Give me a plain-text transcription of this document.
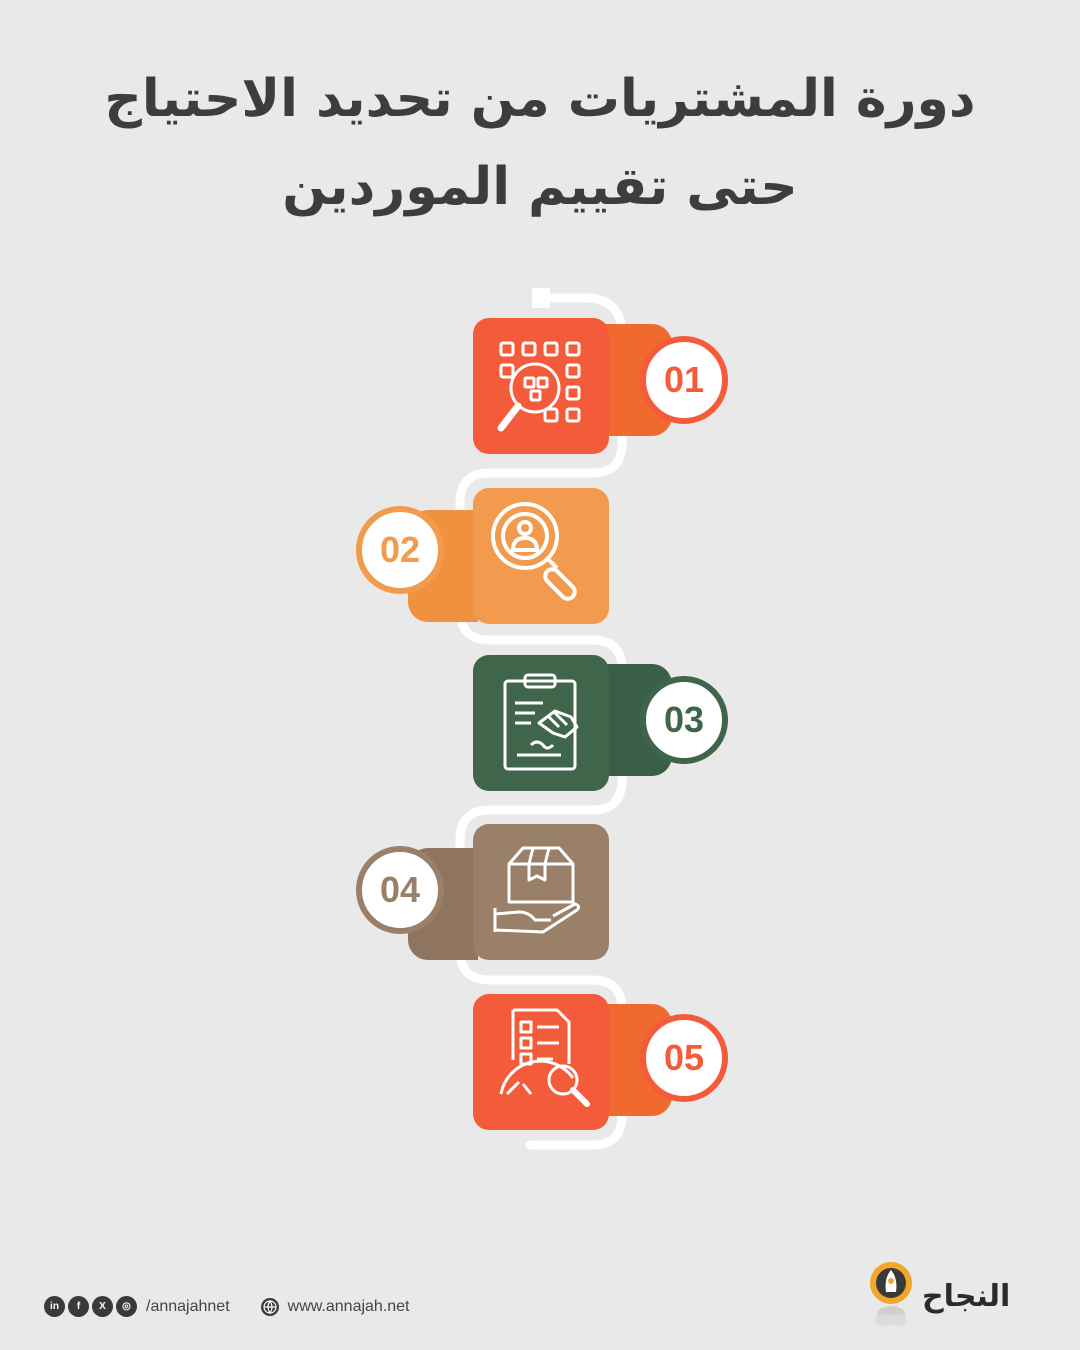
دورة المشتريات من تحديد الاحتياج
حتى تقييم الموردين
01
02
03
04
05
in	f	X	◎ /annajahnet	www.annajah.net	النجاح
